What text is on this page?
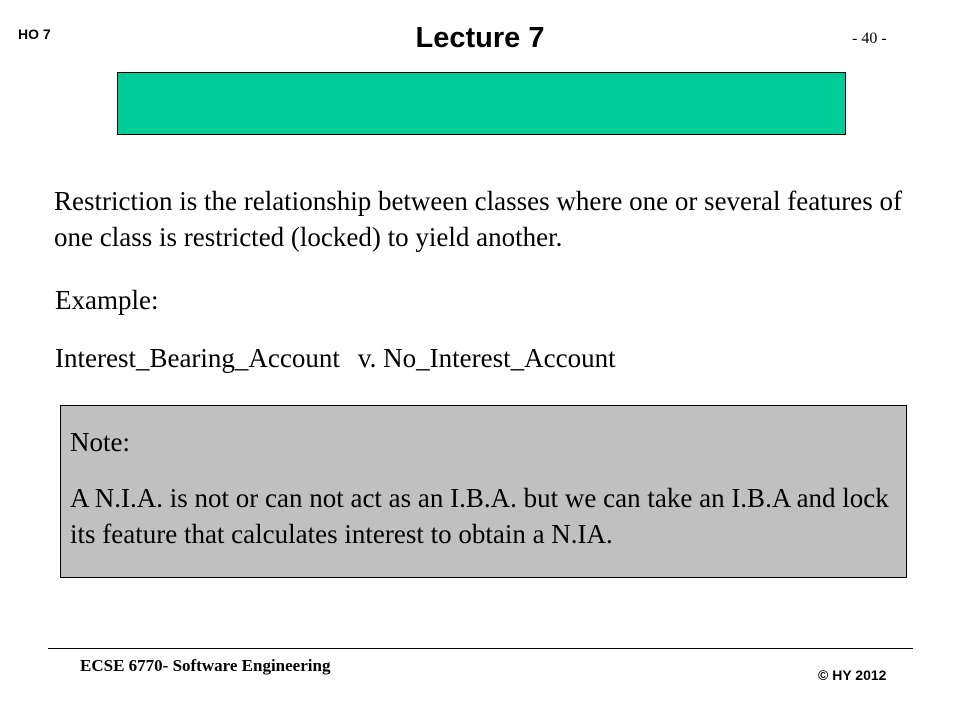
HO 7	Lecture 7	- 40 -
Restriction is the relationship between classes where one or several features of one class is restricted (locked) to yield another.
Example:
Interest_Bearing_Account v. No_Interest_Account
Note:
A N.I.A. is not or can not act as an I.B.A. but we can take an I.B.A and lock its feature that calculates interest to obtain a N.IA.
ECSE 6770- Software Engineering	© HY 2012
